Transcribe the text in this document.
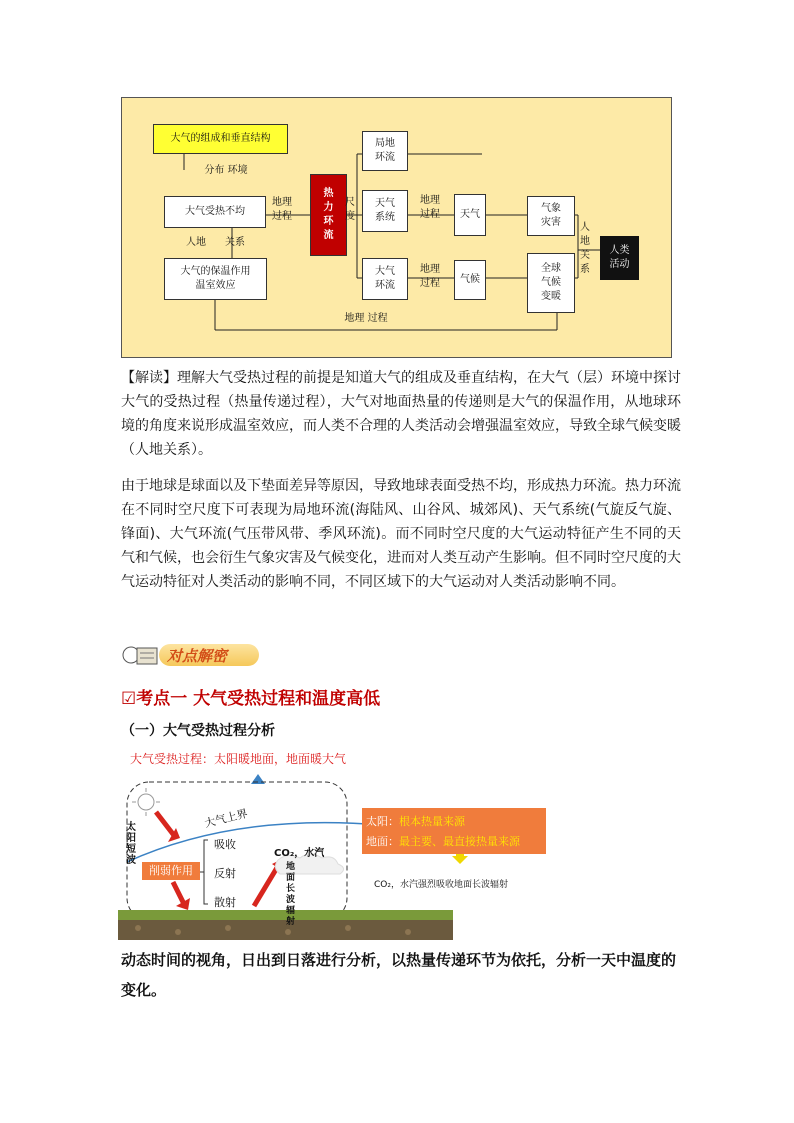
大气的组成和垂直结构
分布 环境
大气受热不均
地理
过程
热
力
环
流
尺
度
人地	关系
大气的保温作用
温室效应
局地
环流
天气
系统
大气
环流
地理
过程
地理
过程
天气
气候
气象
灾害
全球
气候
变暖
人
地
关
系
人类
活动
地理 过程
【解读】理解大气受热过程的前提是知道大气的组成及垂直结构，在大气（层）环境中探讨大气的受热过程（热量传递过程），大气对地面热量的传递则是大气的保温作用，从地球环境的角度来说形成温室效应，而人类不合理的人类活动会增强温室效应，导致全球气候变暖（人地关系）。
由于地球是球面以及下垫面差异等原因，导致地球表面受热不均，形成热力环流。热力环流在不同时空尺度下可表现为局地环流(海陆风、山谷风、城郊风)、天气系统(气旋反气旋、锋面)、大气环流(气压带风带、季风环流)。而不同时空尺度的大气运动特征产生不同的天气和气候，也会衍生气象灾害及气候变化，进而对人类互动产生影响。但不同时空尺度的大气运动特征对人类活动的影响不同，不同区域下的大气运动对人类活动影响不同。
对点解密
☑考点一 大气受热过程和温度高低
（一）大气受热过程分析
大气受热过程：太阳暖地面，地面暖大气
大气上界
太
阳
短
波
削弱作用
吸收
反射
散射
CO₂，水汽
地
面
长
波
辐
射
太阳：根本热量来源
地面：最主要、最直接热量来源
CO₂，水汽强烈吸收地面长波辐射
动态时间的视角，日出到日落进行分析，以热量传递环节为依托，分析一天中温度的变化。
